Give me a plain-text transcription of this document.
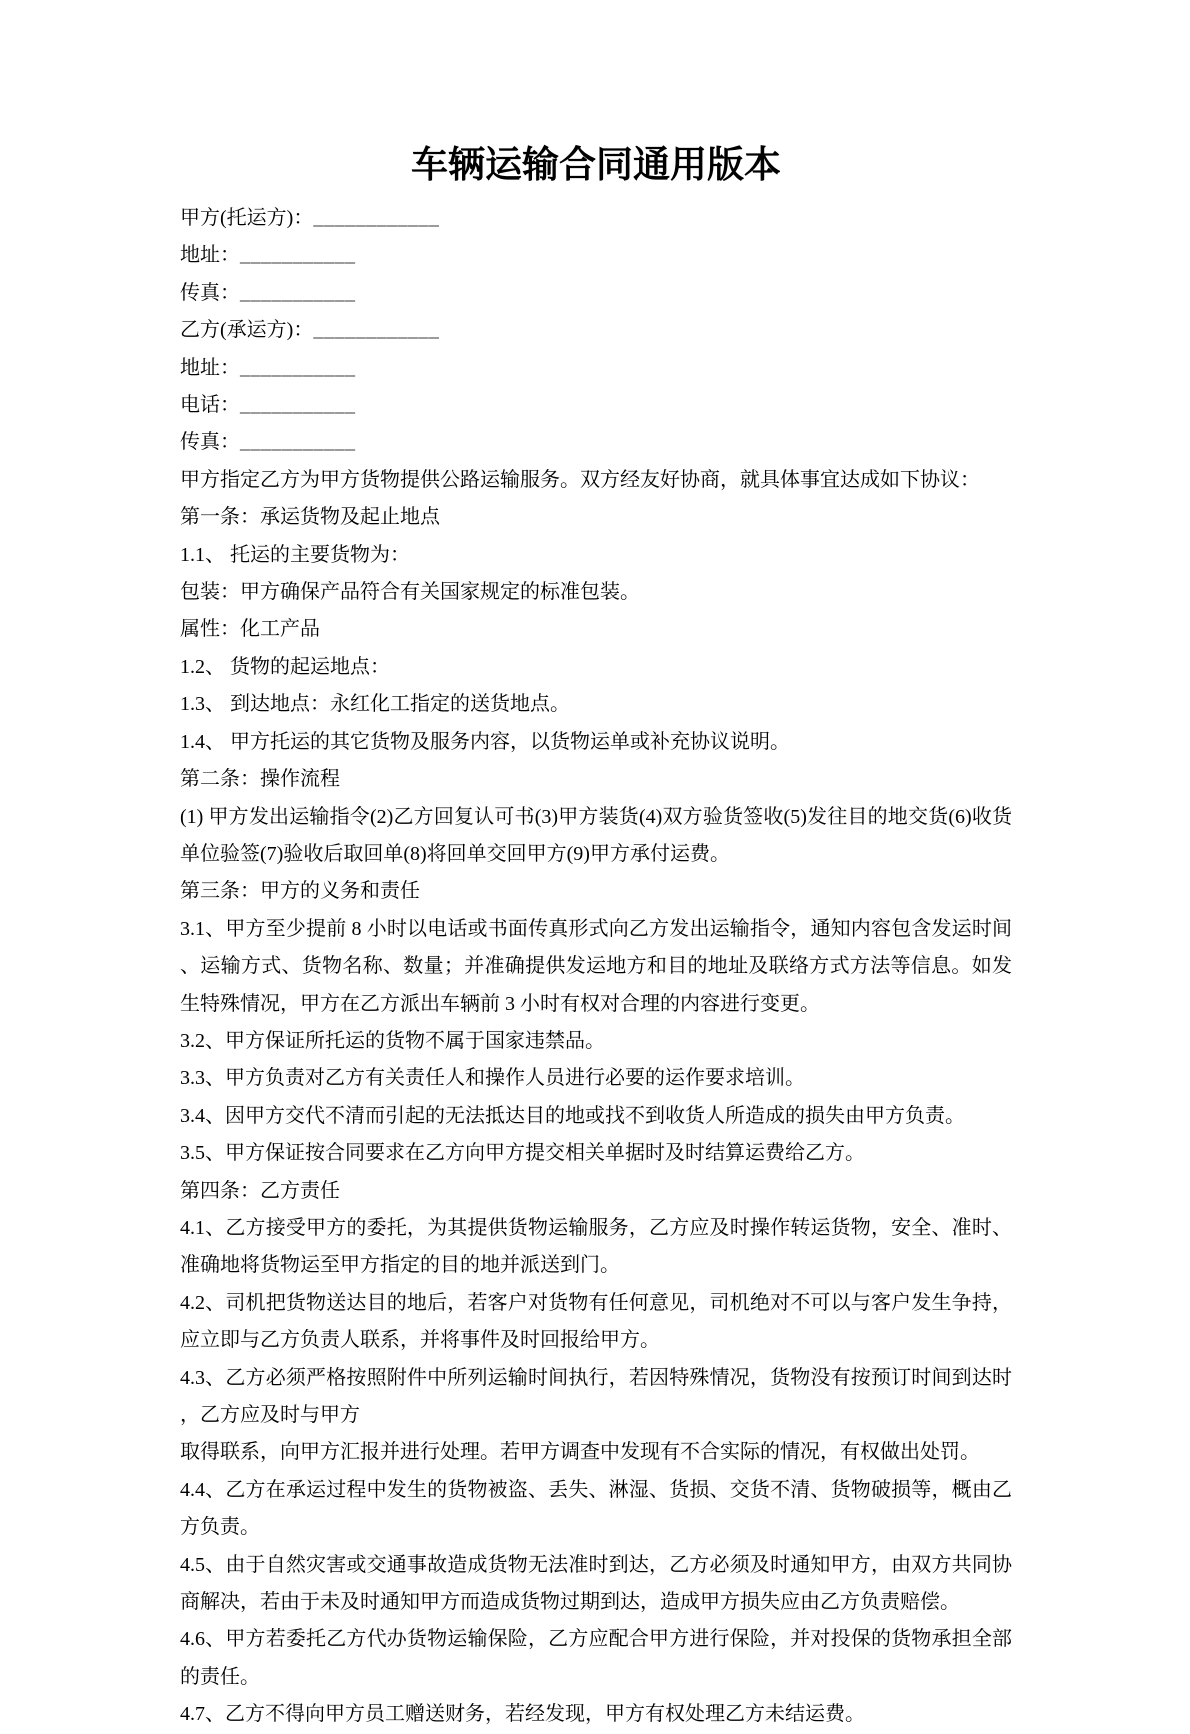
车辆运输合同通用版本
甲方(托运方)：____________
地址：___________
传真：___________
乙方(承运方)：____________
地址：___________
电话：___________
传真：___________

甲方指定乙方为甲方货物提供公路运输服务。双方经友好协商，就具体事宜达成如下协议：

第一条：承运货物及起止地点

1.1、 托运的主要货物为：

包装：甲方确保产品符合有关国家规定的标准包装。

属性：化工产品

1.2、 货物的起运地点：

1.3、 到达地点：永红化工指定的送货地点。

1.4、 甲方托运的其它货物及服务内容，以货物运单或补充协议说明。

第二条：操作流程

(1) 甲方发出运输指令(2)乙方回复认可书(3)甲方装货(4)双方验货签收(5)发往目的地交货(6)收货单位验签(7)验收后取回单(8)将回单交回甲方(9)甲方承付运费。

第三条：甲方的义务和责任

3.1、甲方至少提前 8 小时以电话或书面传真形式向乙方发出运输指令，通知内容包含发运时间、运输方式、货物名称、数量；并准确提供发运地方和目的地址及联络方式方法等信息。如发生特殊情况，甲方在乙方派出车辆前 3 小时有权对合理的内容进行变更。

3.2、甲方保证所托运的货物不属于国家违禁品。

3.3、甲方负责对乙方有关责任人和操作人员进行必要的运作要求培训。

3.4、因甲方交代不清而引起的无法抵达目的地或找不到收货人所造成的损失由甲方负责。

3.5、甲方保证按合同要求在乙方向甲方提交相关单据时及时结算运费给乙方。

第四条：乙方责任

4.1、乙方接受甲方的委托，为其提供货物运输服务，乙方应及时操作转运货物，安全、准时、准确地将货物运至甲方指定的目的地并派送到门。

4.2、司机把货物送达目的地后，若客户对货物有任何意见，司机绝对不可以与客户发生争持，应立即与乙方负责人联系，并将事件及时回报给甲方。

4.3、乙方必须严格按照附件中所列运输时间执行，若因特殊情况，货物没有按预订时间到达时，乙方应及时与甲方

取得联系，向甲方汇报并进行处理。若甲方调查中发现有不合实际的情况，有权做出处罚。

4.4、乙方在承运过程中发生的货物被盗、丢失、淋湿、货损、交货不清、货物破损等，概由乙方负责。

4.5、由于自然灾害或交通事故造成货物无法准时到达，乙方必须及时通知甲方，由双方共同协商解决，若由于未及时通知甲方而造成货物过期到达，造成甲方损失应由乙方负责赔偿。

4.6、甲方若委托乙方代办货物运输保险，乙方应配合甲方进行保险，并对投保的货物承担全部的责任。

4.7、乙方不得向甲方员工赠送财务，若经发现，甲方有权处理乙方未结运费。
